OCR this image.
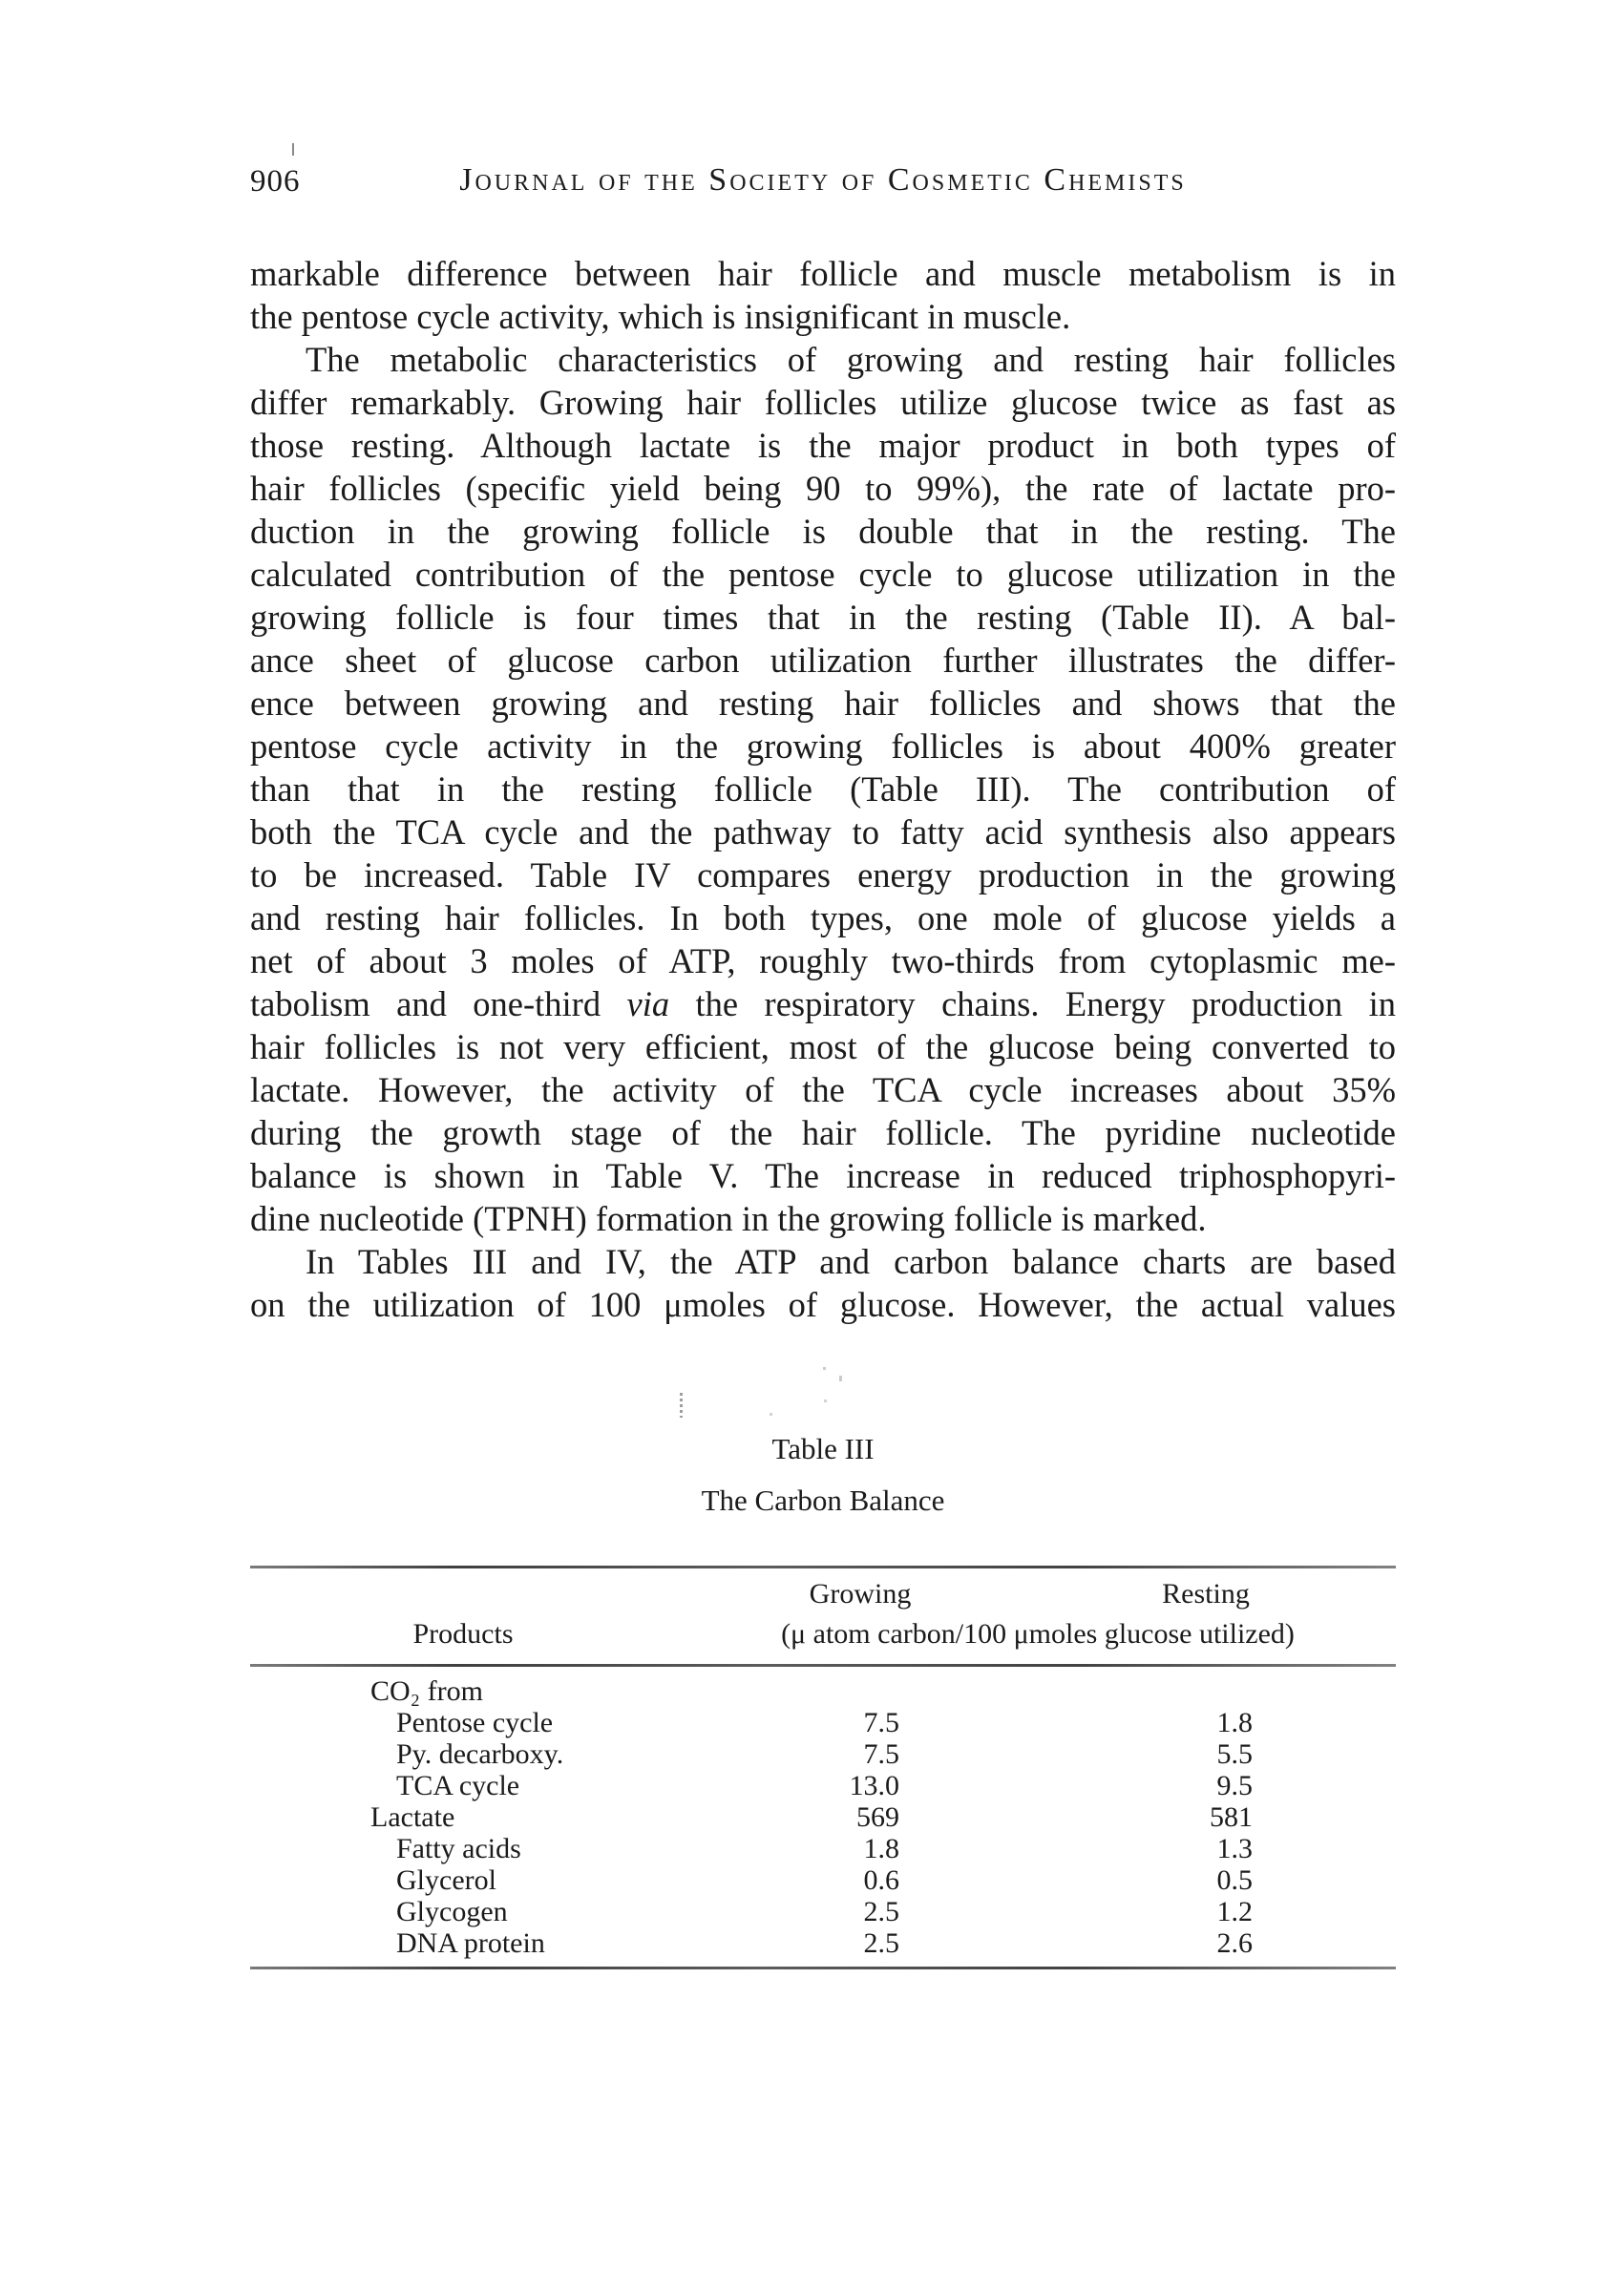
906	Journal of the Society of Cosmetic Chemists
markable difference between hair follicle and muscle metabolism is in
the pentose cycle activity, which is insignificant in muscle.
The metabolic characteristics of growing and resting hair follicles
differ remarkably. Growing hair follicles utilize glucose twice as fast as
those resting. Although lactate is the major product in both types of
hair follicles (specific yield being 90 to 99%), the rate of lactate pro-
duction in the growing follicle is double that in the resting. The
calculated contribution of the pentose cycle to glucose utilization in the
growing follicle is four times that in the resting (Table II). A bal-
ance sheet of glucose carbon utilization further illustrates the differ-
ence between growing and resting hair follicles and shows that the
pentose cycle activity in the growing follicles is about 400% greater
than that in the resting follicle (Table III). The contribution of
both the TCA cycle and the pathway to fatty acid synthesis also appears
to be increased. Table IV compares energy production in the growing
and resting hair follicles. In both types, one mole of glucose yields a
net of about 3 moles of ATP, roughly two-thirds from cytoplasmic me-
tabolism and one-third via the respiratory chains. Energy production in
hair follicles is not very efficient, most of the glucose being converted to
lactate. However, the activity of the TCA cycle increases about 35%
during the growth stage of the hair follicle. The pyridine nucleotide
balance is shown in Table V. The increase in reduced triphosphopyri-
dine nucleotide (TPNH) formation in the growing follicle is marked.
In Tables III and IV, the ATP and carbon balance charts are based
on the utilization of 100 μmoles of glucose. However, the actual values
Table III
The Carbon Balance
Growing	Resting
Products	(μ atom carbon/100 μmoles glucose utilized)
CO₂ from
Pentose cycle	7.5	1.8
Py. decarboxy.	7.5	5.5
TCA cycle	13.0	9.5
Lactate	569	581
Fatty acids	1.8	1.3
Glycerol	0.6	0.5
Glycogen	2.5	1.2
DNA protein	2.5	2.6
